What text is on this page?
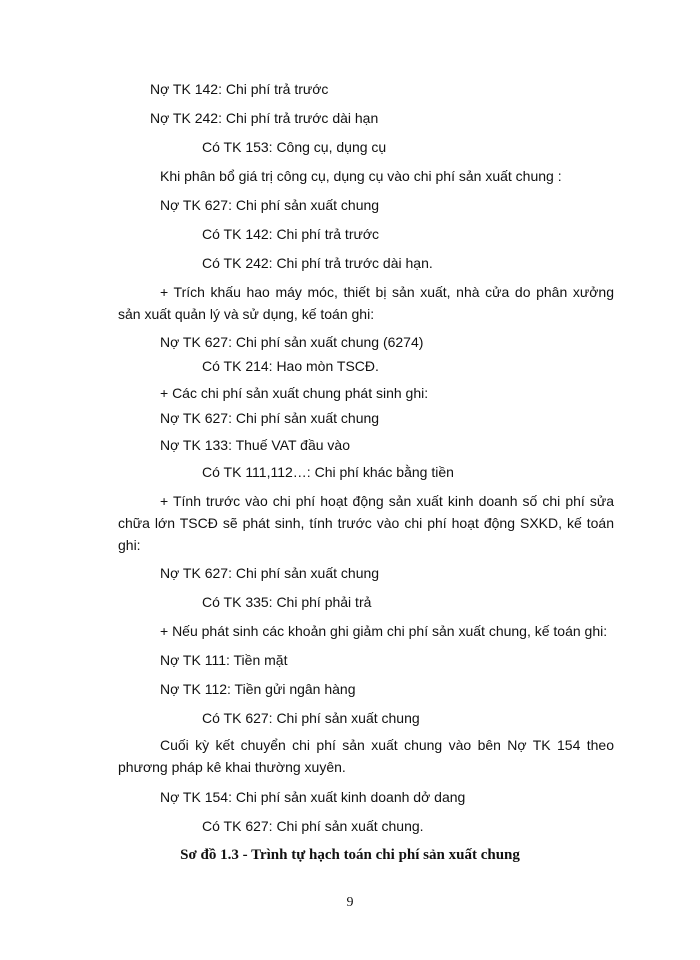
Nợ TK 142: Chi phí trả trước
Nợ TK 242: Chi phí trả trước dài hạn
Có TK 153: Công cụ, dụng cụ
Khi phân bổ giá trị công cụ, dụng cụ vào chi phí sản xuất chung :
Nợ TK 627: Chi phí sản xuất chung
Có TK 142: Chi phí trả trước
Có TK 242: Chi phí trả trước dài hạn.
+ Trích khấu hao máy móc, thiết bị sản xuất, nhà cửa do phân xưởng sản xuất quản lý và sử dụng, kế toán ghi:
Nợ TK 627: Chi phí sản xuất chung (6274)
Có TK 214: Hao mòn TSCĐ.
+ Các chi phí sản xuất chung phát sinh ghi:
Nợ TK 627: Chi phí sản xuất chung
Nợ TK 133: Thuế VAT đầu vào
Có TK 111,112…: Chi phí khác bằng tiền
+ Tính trước vào chi phí hoạt động sản xuất kinh doanh số chi phí sửa chữa lớn TSCĐ sẽ phát sinh, tính trước vào chi phí hoạt động SXKD, kế toán ghi:
Nợ TK 627: Chi phí sản xuất chung
Có TK 335: Chi phí phải trả
+ Nếu phát sinh các khoản ghi giảm chi phí sản xuất chung, kế toán ghi:
Nợ TK 111: Tiền mặt
Nợ TK 112: Tiền gửi ngân hàng
Có TK 627: Chi phí sản xuất chung
Cuối kỳ kết chuyển chi phí sản xuất chung vào bên Nợ TK 154 theo phương pháp kê khai thường xuyên.
Nợ TK 154: Chi phí sản xuất kinh doanh dở dang
Có TK 627: Chi phí sản xuất chung.
Sơ đồ 1.3 - Trình tự hạch toán chi phí sản xuất chung
9
